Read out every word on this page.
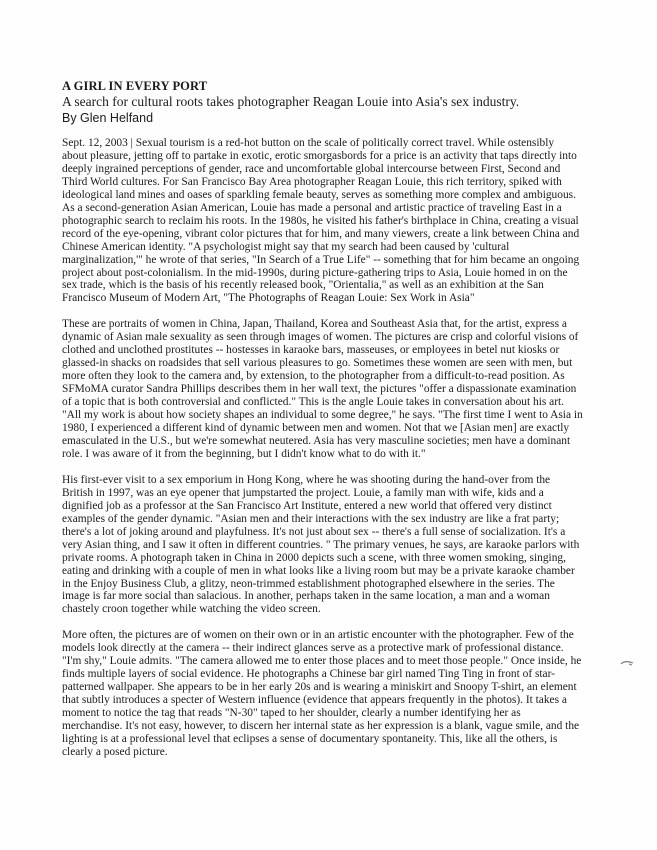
A GIRL IN EVERY PORT

A search for cultural roots takes photographer Reagan Louie into Asia's sex industry.

By Glen Helfand

Sept. 12, 2003 | Sexual tourism is a red-hot button on the scale of politically correct travel. While ostensibly
about pleasure, jetting off to partake in exotic, erotic smorgasbords for a price is an activity that taps directly into
deeply ingrained perceptions of gender, race and uncomfortable global intercourse between First, Second and
Third World cultures. For San Francisco Bay Area photographer Reagan Louie, this rich territory, spiked with
ideological land mines and oases of sparkling female beauty, serves as something more complex and ambiguous.
As a second-generation Asian American, Louie has made a personal and artistic practice of traveling East in a
photographic search to reclaim his roots. In the 1980s, he visited his father's birthplace in China, creating a visual
record of the eye-opening, vibrant color pictures that for him, and many viewers, create a link between China and
Chinese American identity. "A psychologist might say that my search had been caused by 'cultural
marginalization,'" he wrote of that series, "In Search of a True Life" -- something that for him became an ongoing
project about post-colonialism. In the mid-1990s, during picture-gathering trips to Asia, Louie homed in on the
sex trade, which is the basis of his recently released book, "Orientalia," as well as an exhibition at the San
Francisco Museum of Modern Art, "The Photographs of Reagan Louie: Sex Work in Asia"

These are portraits of women in China, Japan, Thailand, Korea and Southeast Asia that, for the artist, express a
dynamic of Asian male sexuality as seen through images of women. The pictures are crisp and colorful visions of
clothed and unclothed prostitutes -- hostesses in karaoke bars, masseuses, or employees in betel nut kiosks or
glassed-in shacks on roadsides that sell various pleasures to go. Sometimes these women are seen with men, but
more often they look to the camera and, by extension, to the photographer from a difficult-to-read position. As
SFMoMA curator Sandra Phillips describes them in her wall text, the pictures "offer a dispassionate examination
of a topic that is both controversial and conflicted." This is the angle Louie takes in conversation about his art.
"All my work is about how society shapes an individual to some degree," he says. "The first time I went to Asia in
1980, I experienced a different kind of dynamic between men and women. Not that we [Asian men] are exactly
emasculated in the U.S., but we're somewhat neutered. Asia has very masculine societies; men have a dominant
role. I was aware of it from the beginning, but I didn't know what to do with it."

His first-ever visit to a sex emporium in Hong Kong, where he was shooting during the hand-over from the
British in 1997, was an eye opener that jumpstarted the project. Louie, a family man with wife, kids and a
dignified job as a professor at the San Francisco Art Institute, entered a new world that offered very distinct
examples of the gender dynamic. "Asian men and their interactions with the sex industry are like a frat party;
there's a lot of joking around and playfulness. It's not just about sex -- there's a full sense of socialization. It's a
very Asian thing, and I saw it often in different countries. " The primary venues, he says, are karaoke parlors with
private rooms. A photograph taken in China in 2000 depicts such a scene, with three women smoking, singing,
eating and drinking with a couple of men in what looks like a living room but may be a private karaoke chamber
in the Enjoy Business Club, a glitzy, neon-trimmed establishment photographed elsewhere in the series. The
image is far more social than salacious. In another, perhaps taken in the same location, a man and a woman
chastely croon together while watching the video screen.

More often, the pictures are of women on their own or in an artistic encounter with the photographer. Few of the
models look directly at the camera -- their indirect glances serve as a protective mark of professional distance.
"I'm shy," Louie admits. "The camera allowed me to enter those places and to meet those people." Once inside, he
finds multiple layers of social evidence. He photographs a Chinese bar girl named Ting Ting in front of star-
patterned wallpaper. She appears to be in her early 20s and is wearing a miniskirt and Snoopy T-shirt, an element
that subtly introduces a specter of Western influence (evidence that appears frequently in the photos). It takes a
moment to notice the tag that reads "N-30" taped to her shoulder, clearly a number identifying her as
merchandise. It's not easy, however, to discern her internal state as her expression is a blank, vague smile, and the
lighting is at a professional level that eclipses a sense of documentary spontaneity. This, like all the others, is
clearly a posed picture.
